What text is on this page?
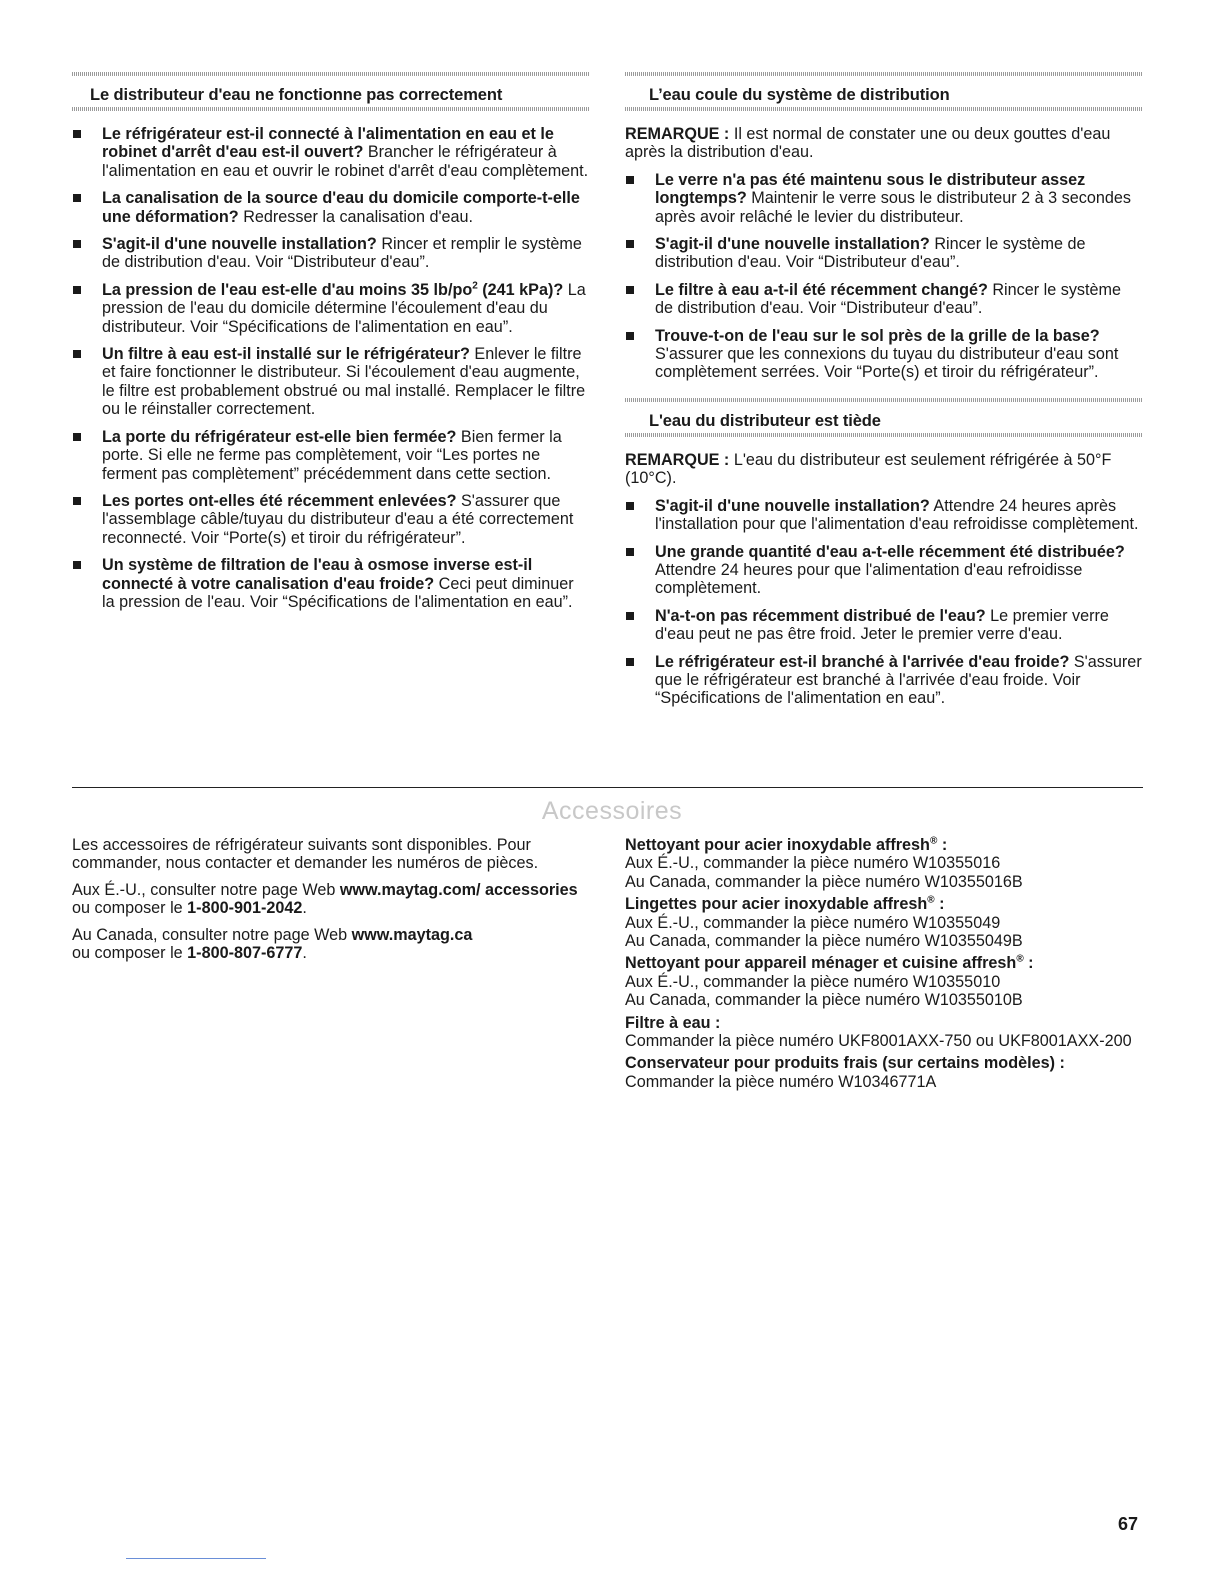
Le distributeur d'eau ne fonctionne pas correctement
Le réfrigérateur est-il connecté à l'alimentation en eau et le robinet d'arrêt d'eau est-il ouvert? Brancher le réfrigérateur à l'alimentation en eau et ouvrir le robinet d'arrêt d'eau complètement.
La canalisation de la source d'eau du domicile comporte-t-elle une déformation? Redresser la canalisation d'eau.
S'agit-il d'une nouvelle installation? Rincer et remplir le système de distribution d'eau. Voir “Distributeur d'eau”.
La pression de l'eau est-elle d'au moins 35 $lb/po^2$ (241 kPa)? La pression de l'eau du domicile détermine l'écoulement d'eau du distributeur. Voir “Spécifications de l'alimentation en eau”.
Un filtre à eau est-il installé sur le réfrigérateur? Enlever le filtre et faire fonctionner le distributeur. Si l'écoulement d'eau augmente, le filtre est probablement obstrué ou mal installé. Remplacer le filtre ou le réinstaller correctement.
La porte du réfrigérateur est-elle bien fermée? Bien fermer la porte. Si elle ne ferme pas complètement, voir “Les portes ne ferment pas complètement” précédemment dans cette section.
Les portes ont-elles été récemment enlevées? S'assurer que l'assemblage câble/tuyau du distributeur d'eau a été correctement reconnecté. Voir “Porte(s) et tiroir du réfrigérateur”.
Un système de filtration de l'eau à osmose inverse est-il connecté à votre canalisation d'eau froide? Ceci peut diminuer la pression de l'eau. Voir “Spécifications de l'alimentation en eau”.
L’eau coule du système de distribution

REMARQUE : Il est normal de constater une ou deux gouttes d'eau après la distribution d'eau.

Le verre n'a pas été maintenu sous le distributeur assez longtemps? Maintenir le verre sous le distributeur 2 à 3 secondes après avoir relâché le levier du distributeur.
S'agit-il d'une nouvelle installation? Rincer le système de distribution d'eau. Voir “Distributeur d'eau”.
Le filtre à eau a-t-il été récemment changé? Rincer le système de distribution d'eau. Voir “Distributeur d'eau”.
Trouve-t-on de l'eau sur le sol près de la grille de la base? S'assurer que les connexions du tuyau du distributeur d'eau sont complètement serrées. Voir “Porte(s) et tiroir du réfrigérateur”.
L'eau du distributeur est tiède

REMARQUE : L'eau du distributeur est seulement réfrigérée à 50°F (10°C).

S'agit-il d'une nouvelle installation? Attendre 24 heures après l'installation pour que l'alimentation d'eau refroidisse complètement.
Une grande quantité d'eau a-t-elle récemment été distribuée? Attendre 24 heures pour que l'alimentation d'eau refroidisse complètement.
N'a-t-on pas récemment distribué de l'eau? Le premier verre d'eau peut ne pas être froid. Jeter le premier verre d'eau.
Le réfrigérateur est-il branché à l'arrivée d'eau froide? S'assurer que le réfrigérateur est branché à l'arrivée d'eau froide. Voir “Spécifications de l'alimentation en eau”.
Accessoires

Les accessoires de réfrigérateur suivants sont disponibles. Pour commander, nous contacter et demander les numéros de pièces.

Aux É.-U., consulter notre page Web www.maytag.com/ accessories ou composer le 1-800-901-2042.

Au Canada, consulter notre page Web www.maytag.ca
ou composer le 1-800-807-6777.

Nettoyant pour acier inoxydable affresh® :
Aux É.-U., commander la pièce numéro W10355016
Au Canada, commander la pièce numéro W10355016B
Lingettes pour acier inoxydable affresh® :
Aux É.-U., commander la pièce numéro W10355049
Au Canada, commander la pièce numéro W10355049B
Nettoyant pour appareil ménager et cuisine affresh® :
Aux É.-U., commander la pièce numéro W10355010
Au Canada, commander la pièce numéro W10355010B
Filtre à eau :
Commander la pièce numéro UKF8001AXX-750 ou UKF8001AXX-200
Conservateur pour produits frais (sur certains modèles) :
Commander la pièce numéro W10346771A
67
